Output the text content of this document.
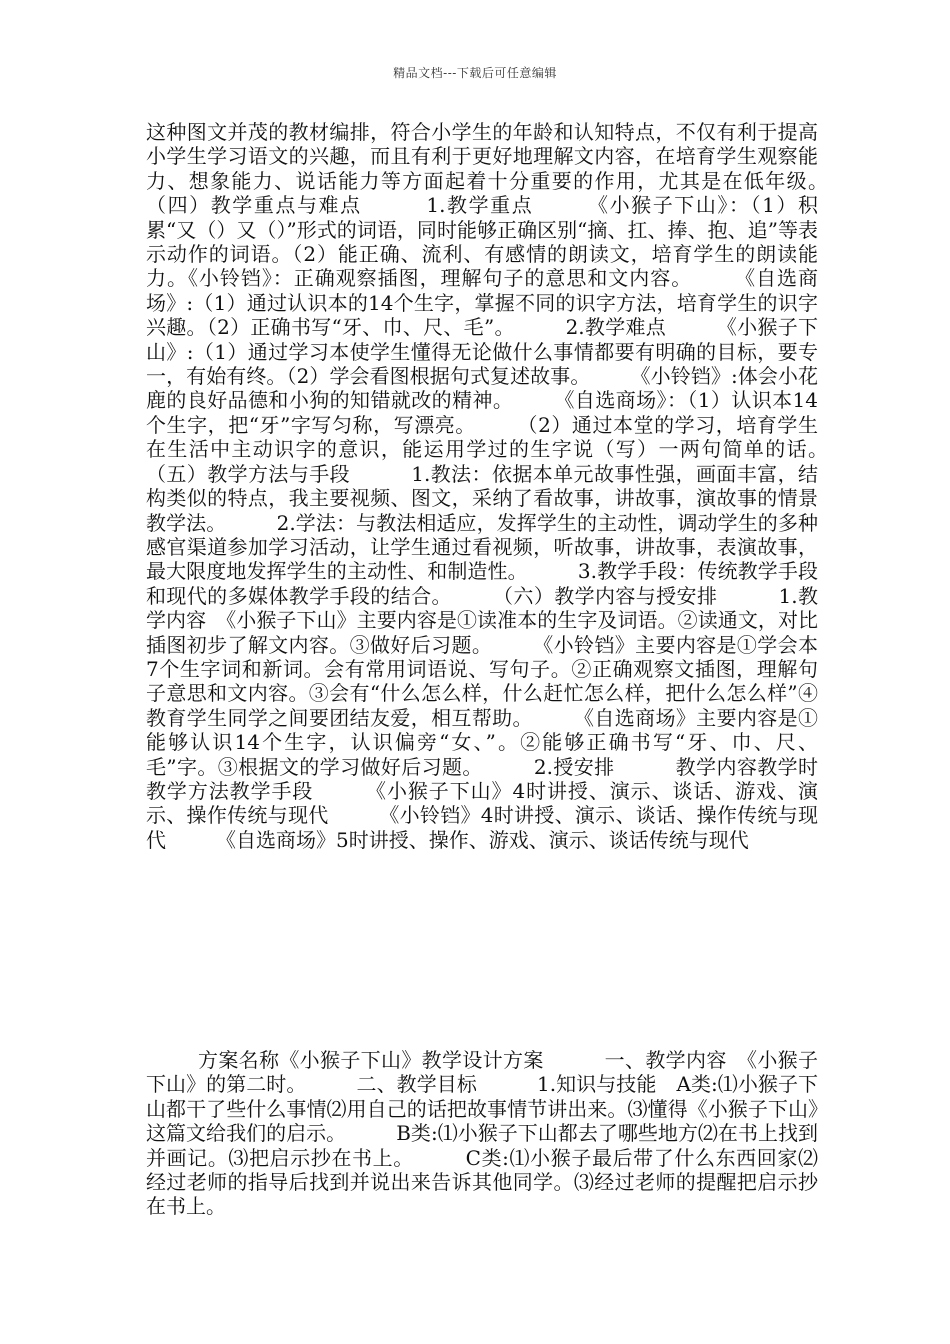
精品文档---下载后可任意编辑

这种图文并茂的教材编排，符合小学生的年龄和认知特点，不仅有利于提高小学生学习语文的兴趣，而且有利于更好地理解文内容，在培育学生观察能力、想象能力、说话能力等方面起着十分重要的作用，尤其是在低年级。　　　（四）教学重点与难点　　　1.教学重点　　　《小猴子下山》：（1）积累“又（）又（）”形式的词语，同时能够正确区别“摘、扛、捧、抱、追”等表示动作的词语。（2）能正确、流利、有感情的朗读文，培育学生的朗读能力。《小铃铛》：正确观察插图，理解句子的意思和文内容。　　　《自选商场》:（1）通过认识本的14个生字，掌握不同的识字方法，培育学生的识字兴趣。（2）正确书写“牙、巾、尺、毛”。　　　2.教学难点　　　《小猴子下山》:（1）通过学习本使学生懂得无论做什么事情都要有明确的目标，要专一，有始有终。（2）学会看图根据句式复述故事。　　　《小铃铛》:体会小花鹿的良好品德和小狗的知错就改的精神。　　　《自选商场》：（1）认识本14个生字，把“牙”字写匀称，写漂亮。　　　（2）通过本堂的学习，培育学生在生活中主动识字的意识，能运用学过的生字说（写）一两句简单的话。　　　（五）教学方法与手段　　　1.教法：依据本单元故事性强，画面丰富，结构类似的特点，我主要视频、图文，采纳了看故事，讲故事，演故事的情景教学法。　　　2.学法：与教法相适应，发挥学生的主动性，调动学生的多种感官渠道参加学习活动，让学生通过看视频，听故事，讲故事，表演故事，最大限度地发挥学生的主动性、和制造性。　　　3.教学手段：传统教学手段和现代的多媒体教学手段的结合。　　　（六）教学内容与授安排　　　1.教学内容　《小猴子下山》主要内容是①读准本的生字及词语。②读通文，对比插图初步了解文内容。③做好后习题。　　　《小铃铛》主要内容是①学会本7个生字词和新词。会有常用词语说、写句子。②正确观察文插图，理解句子意思和文内容。③会有“什么怎么样，什么赶忙怎么样，把什么怎么样”④教育学生同学之间要团结友爱，相互帮助。　　　《自选商场》主要内容是①能够认识14个生字，认识偏旁“女、”。②能够正确书写“牙、巾、尺、毛”字。③根据文的学习做好后习题。　　　2.授安排　　　教学内容教学时教学方法教学手段　　　《小猴子下山》4时讲授、演示、谈话、游戏、演示、操作传统与现代　　　《小铃铛》4时讲授、演示、谈话、操作传统与现代　　　《自选商场》5时讲授、操作、游戏、演示、谈话传统与现代

方案名称《小猴子下山》教学设计方案　　　一、教学内容　《小猴子下山》的第二时。　　　二、教学目标　　　1.知识与技能　A类:⑴小猴子下山都干了些什么事情⑵用自己的话把故事情节讲出来。⑶懂得《小猴子下山》这篇文给我们的启示。　　　B类:⑴小猴子下山都去了哪些地方⑵在书上找到并画记。⑶把启示抄在书上。　　　C类:⑴小猴子最后带了什么东西回家⑵经过老师的指导后找到并说出来告诉其他同学。⑶经过老师的提醒把启示抄在书上。
